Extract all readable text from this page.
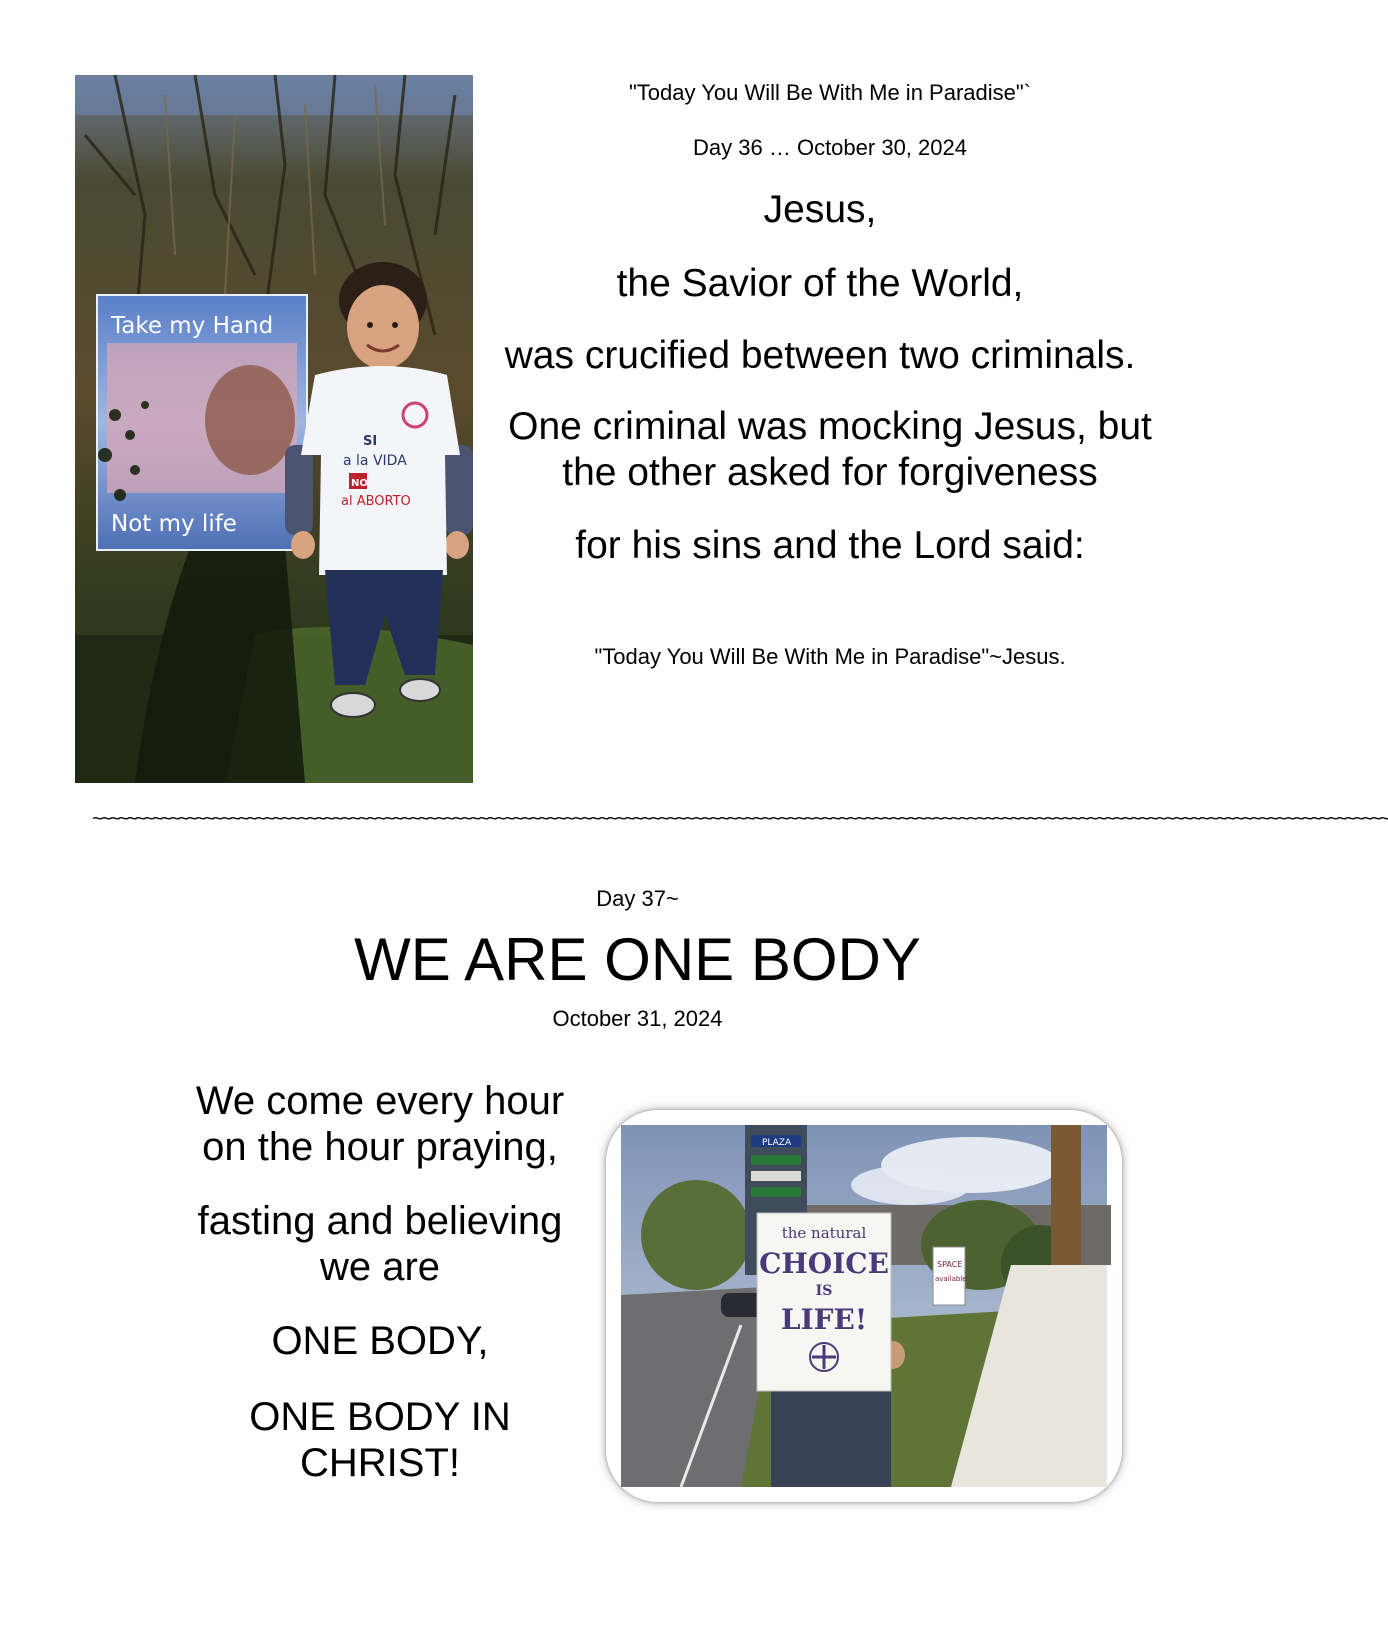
Take my Hand
Not my life
SI
a la VIDA
NO
al ABORTO
"Today You Will Be With Me in Paradise"`
Day 36 … October 30, 2024
Jesus,
the Savior of the World,
was crucified between two criminals.
One criminal was mocking Jesus, but
the other asked for forgiveness
for his sins and the Lord said:
"Today You Will Be With Me in Paradise"~Jesus.
~~~~~~~~~~~~~~~~~~~~~~~~~~~~~~~~~~~~~~~~~~~~~~~~~~~~~~~~~~~~~~~~~~~~~~~~~~~~~~~~~~~~~~~~~~~~~~~~~~~~~~~~~~~~~~~~~~~~~~~~~~~~~~~~~~~~~~~~~~~~~~~~~~~~~~~
Day 37~
WE ARE ONE BODY
October 31, 2024
We come every hour
on the hour praying,
fasting and believing
we are
ONE BODY,
ONE BODY IN
CHRIST!
PLAZA
SPACE
available
the natural
CHOICE
IS
LIFE!
